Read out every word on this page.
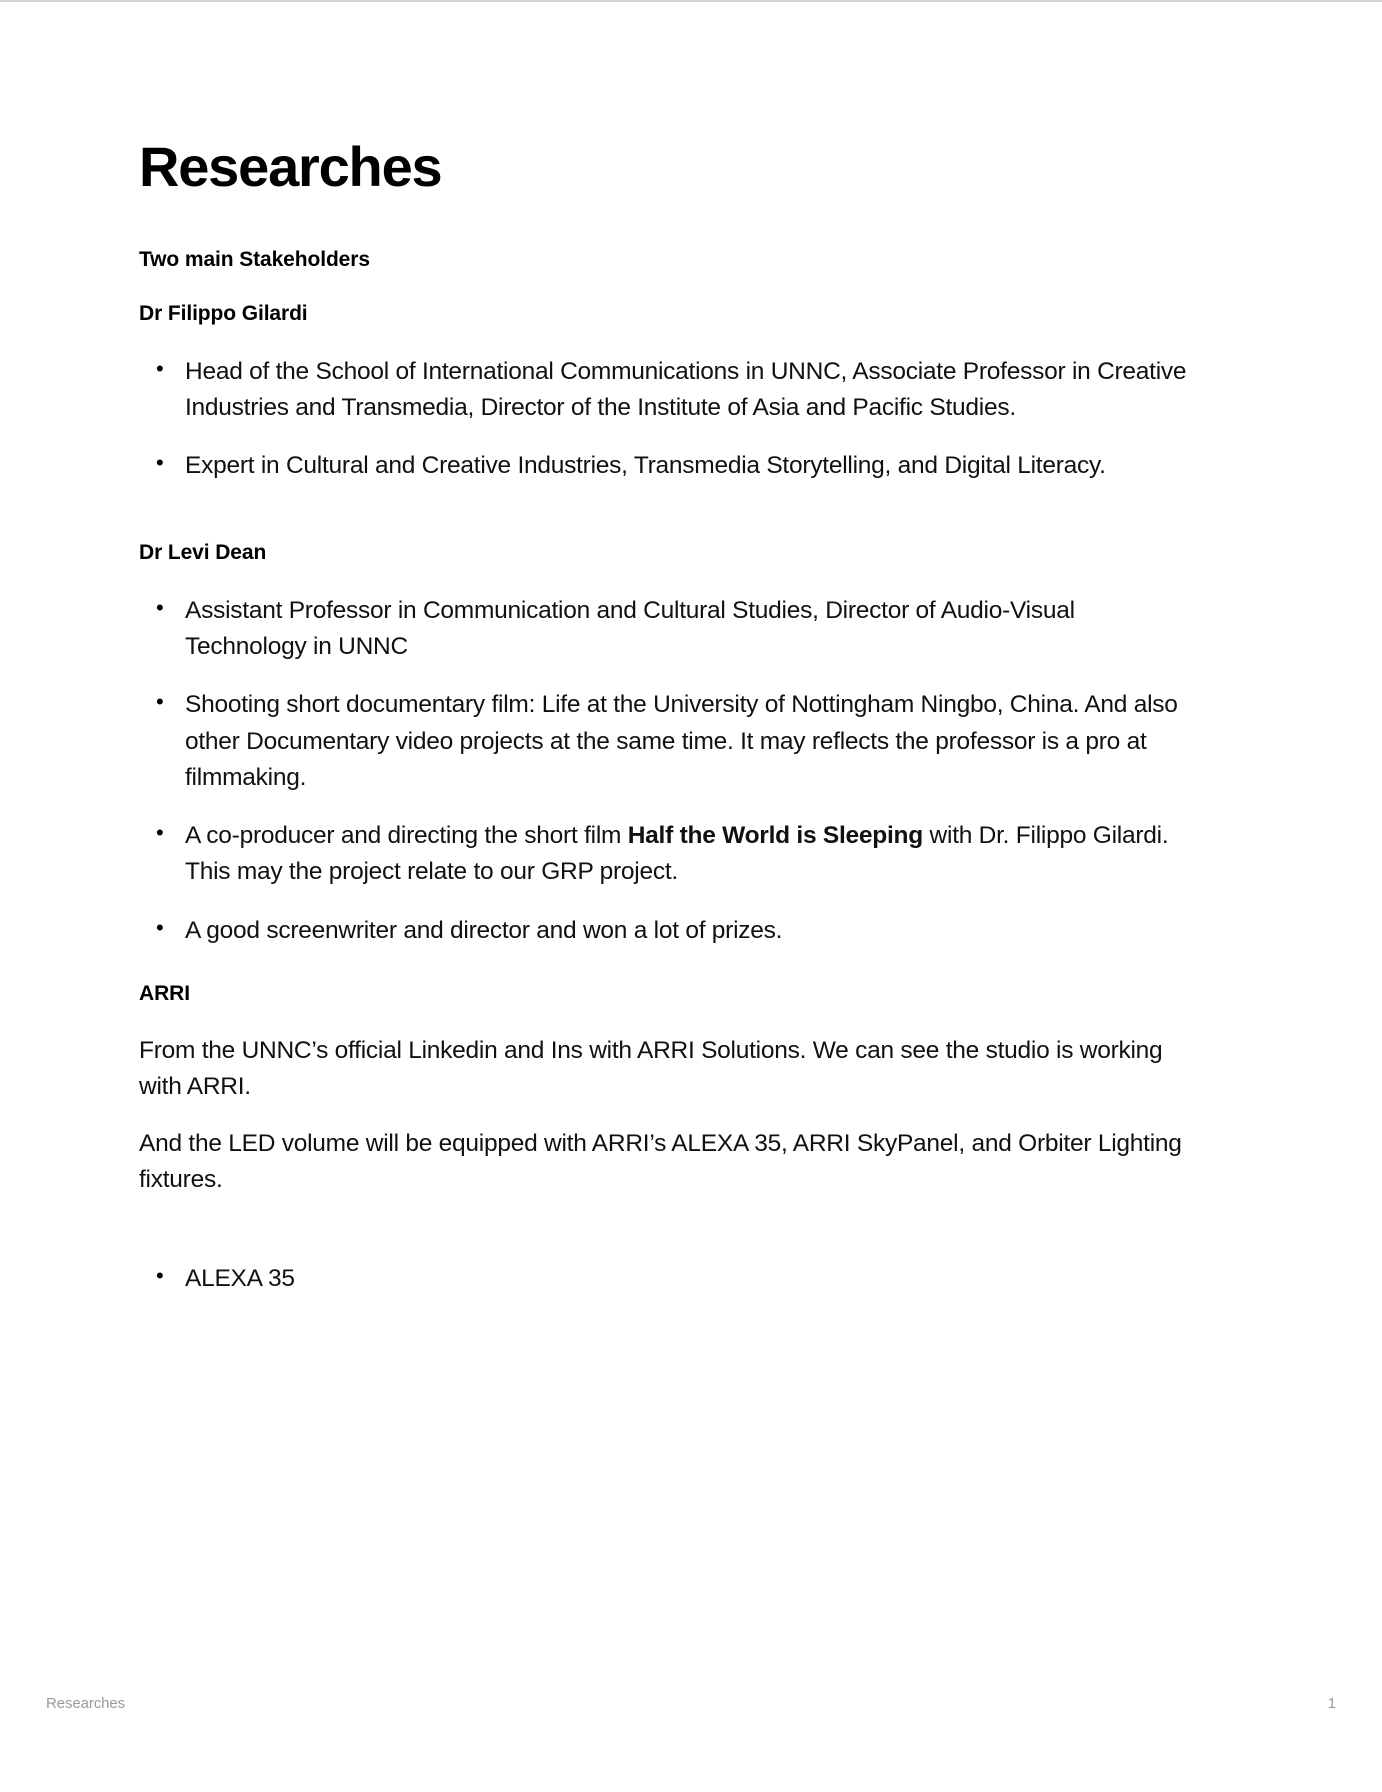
Researches

Two main Stakeholders

Dr Filippo Gilardi

• Head of the School of International Communications in UNNC, Associate Professor in Creative Industries and Transmedia, Director of the Institute of Asia and Pacific Studies.
• Expert in Cultural and Creative Industries, Transmedia Storytelling, and Digital Literacy.

Dr Levi Dean

• Assistant Professor in Communication and Cultural Studies, Director of Audio-Visual Technology in UNNC
• Shooting short documentary film: Life at the University of Nottingham Ningbo, China. And also other Documentary video projects at the same time. It may reflects the professor is a pro at filmmaking.
• A co-producer and directing the short film Half the World is Sleeping with Dr. Filippo Gilardi. This may the project relate to our GRP project.
• A good screenwriter and director and won a lot of prizes.

ARRI

From the UNNC’s official Linkedin and Ins with ARRI Solutions. We can see the studio is working with ARRI.

And the LED volume will be equipped with ARRI’s ALEXA 35, ARRI SkyPanel, and Orbiter Lighting fixtures.

• ALEXA 35
Researches	1
